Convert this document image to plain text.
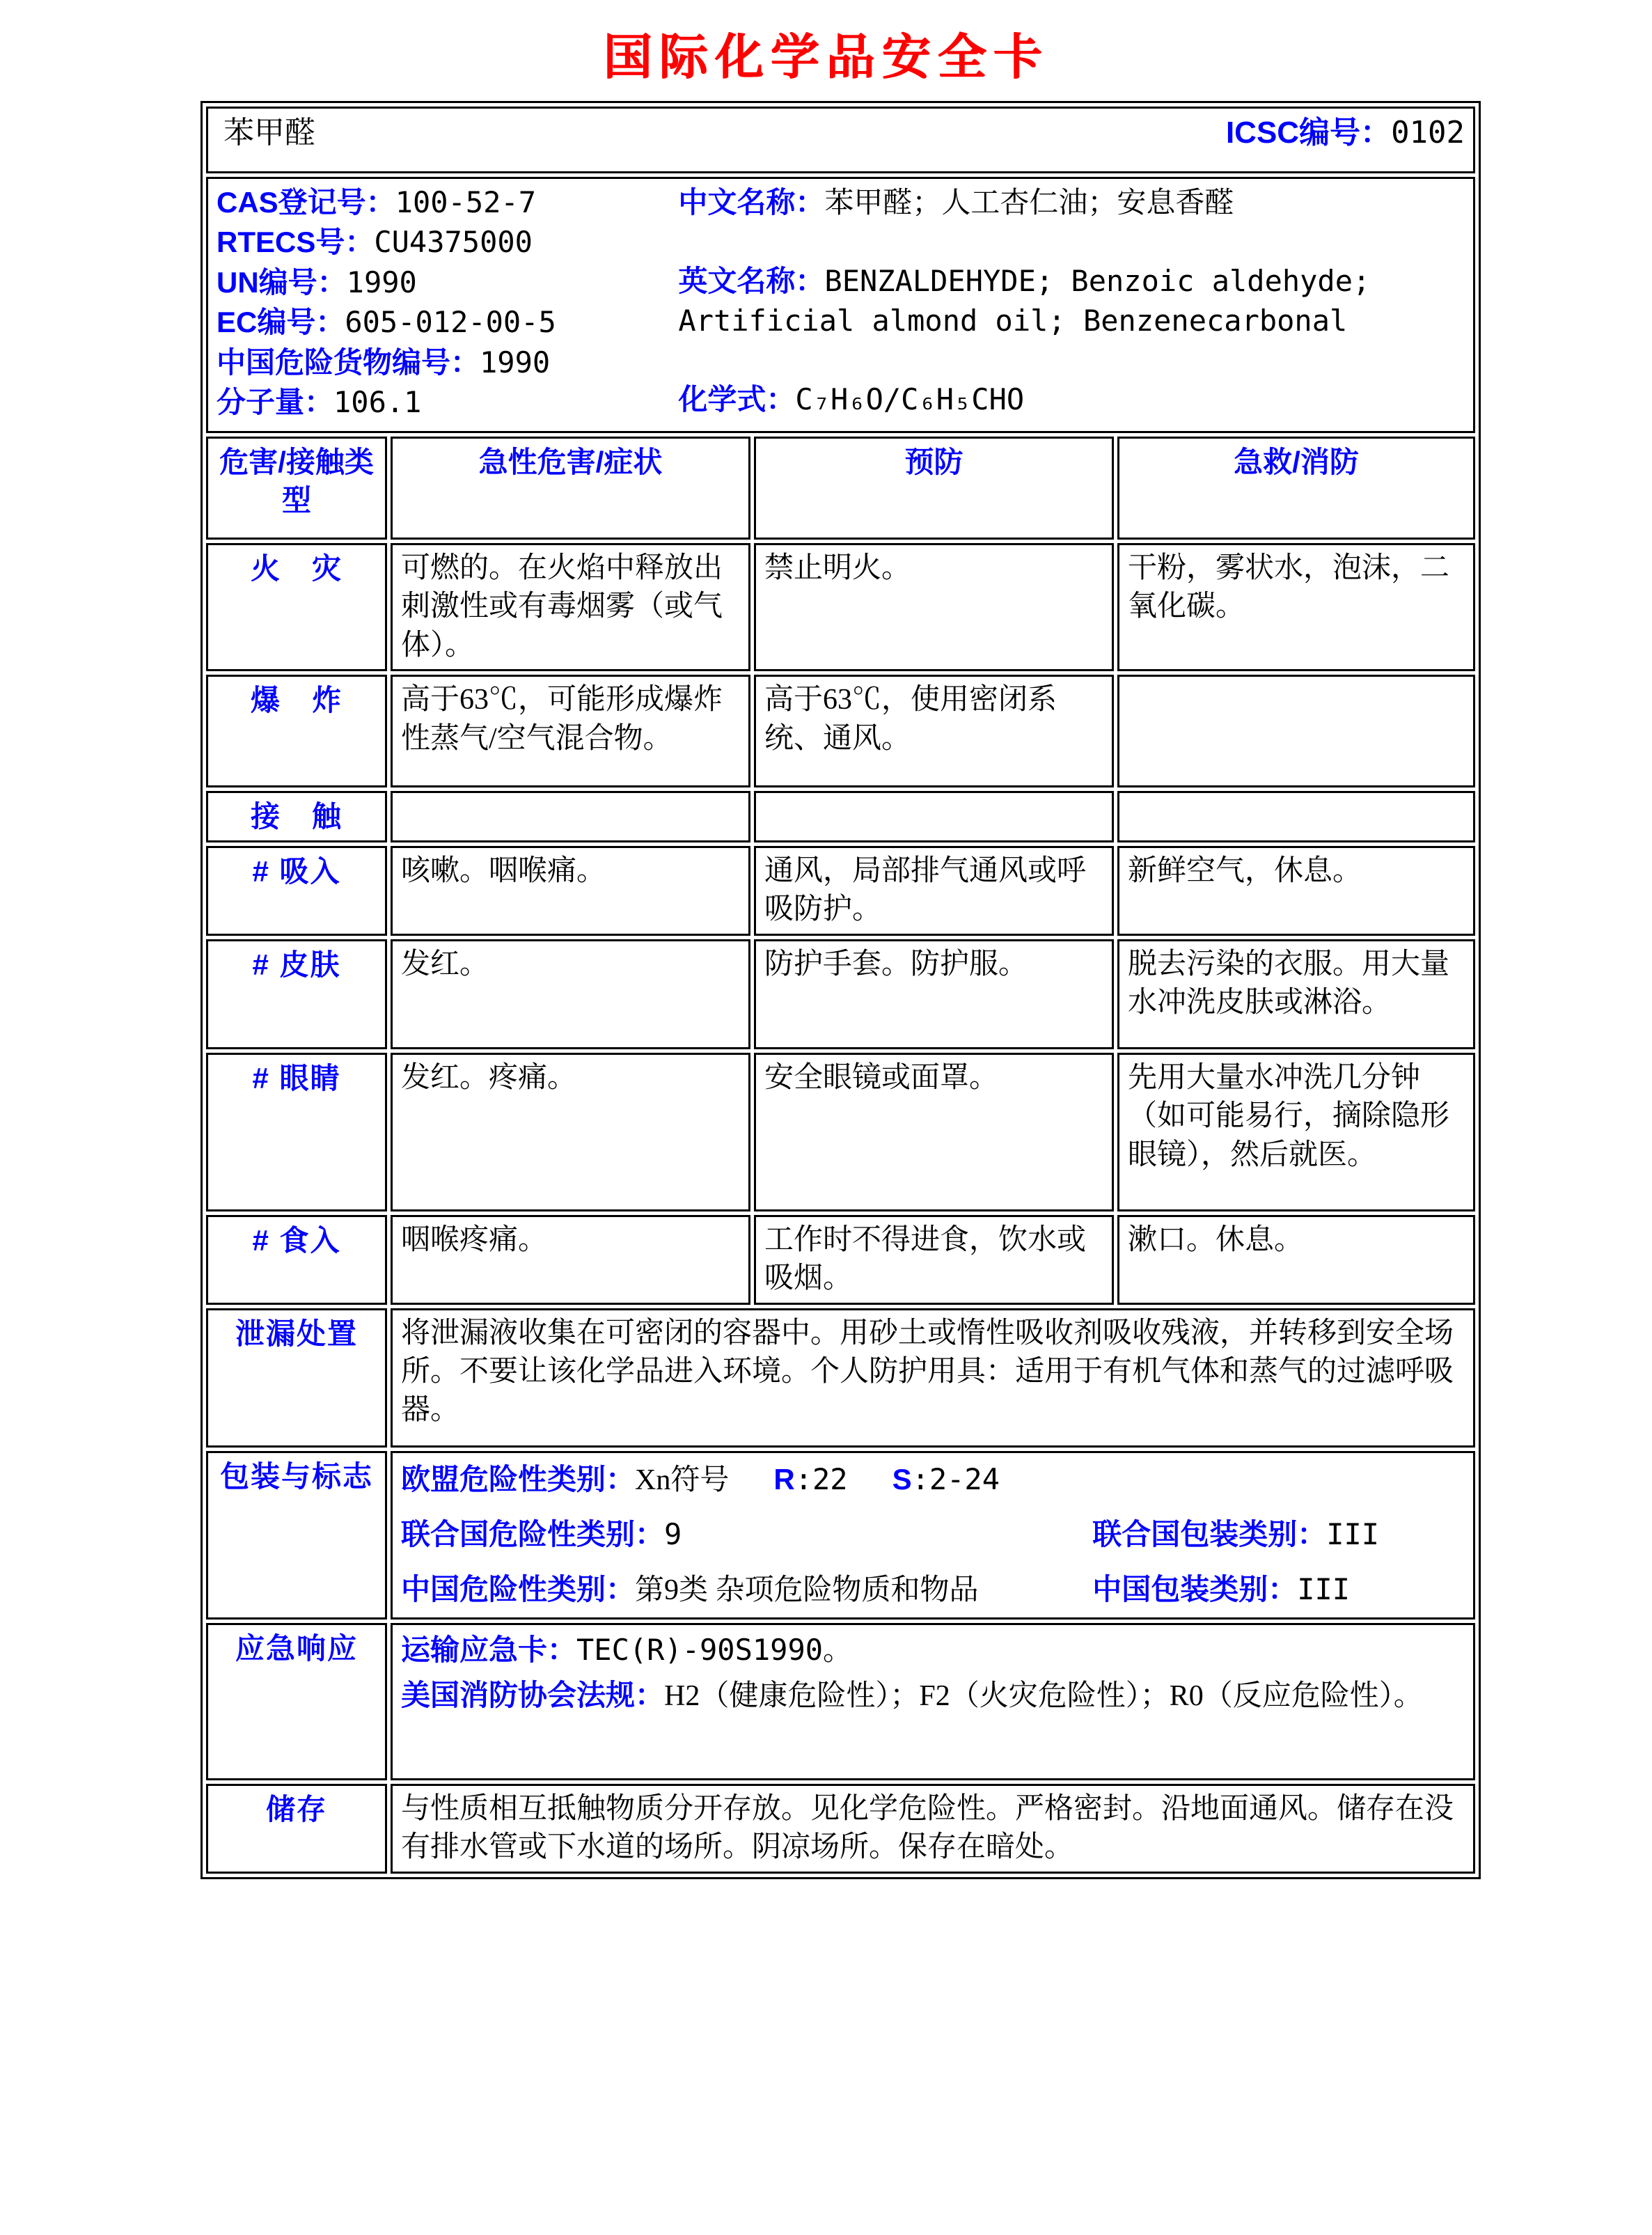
国际化学品安全卡
苯甲醛 ICSC编号：0102			

CAS登记号：100-52-7
RTECS号：CU4375000
UN编号：1990
EC编号：605-012-00-5
中国危险货物编号：1990
分子量：106.1
中文名称：苯甲醛；人工杏仁油；安息香醛
英文名称：BENZALDEHYDE; Benzoic aldehyde; Artificial almond oil; Benzenecarbonal
化学式：C₇H₆O/C₆H₅CHO

危害/接触类型	急性危害/症状	预防	急救/消防
火　灾	可燃的。在火焰中释放出刺激性或有毒烟雾（或气体）。	禁止明火。	干粉，雾状水，泡沫，二氧化碳。
爆　炸	高于63℃，可能形成爆炸性蒸气/空气混合物。	高于63℃，使用密闭系统、通风。	
接　触			
# 吸入	咳嗽。咽喉痛。	通风，局部排气通风或呼吸防护。	新鲜空气，休息。
# 皮肤	发红。	防护手套。防护服。	脱去污染的衣服。用大量水冲洗皮肤或淋浴。
# 眼睛	发红。疼痛。	安全眼镜或面罩。	先用大量水冲洗几分钟（如可能易行，摘除隐形眼镜），然后就医。
# 食入	咽喉疼痛。	工作时不得进食，饮水或吸烟。	漱口。休息。
泄漏处置	将泄漏液收集在可密闭的容器中。用砂土或惰性吸收剂吸收残液，并转移到安全场所。不要让该化学品进入环境。个人防护用具：适用于有机气体和蒸气的过滤呼吸器。		
包装与标志	欧盟危险性类别：Xn符号 R:22 S:2-24
联合国危险性类别：9 联合国包装类别：III
中国危险性类别：第9类 杂项危险物质和物品 中国包装类别：III		

应急响应	运输应急卡：TEC(R)-90S1990。
美国消防协会法规：H2（健康危险性）；F2（火灾危险性）；R0（反应危险性）。		

储存	与性质相互抵触物质分开存放。见化学危险性。严格密封。沿地面通风。储存在没有排水管或下水道的场所。阴凉场所。保存在暗处。		
